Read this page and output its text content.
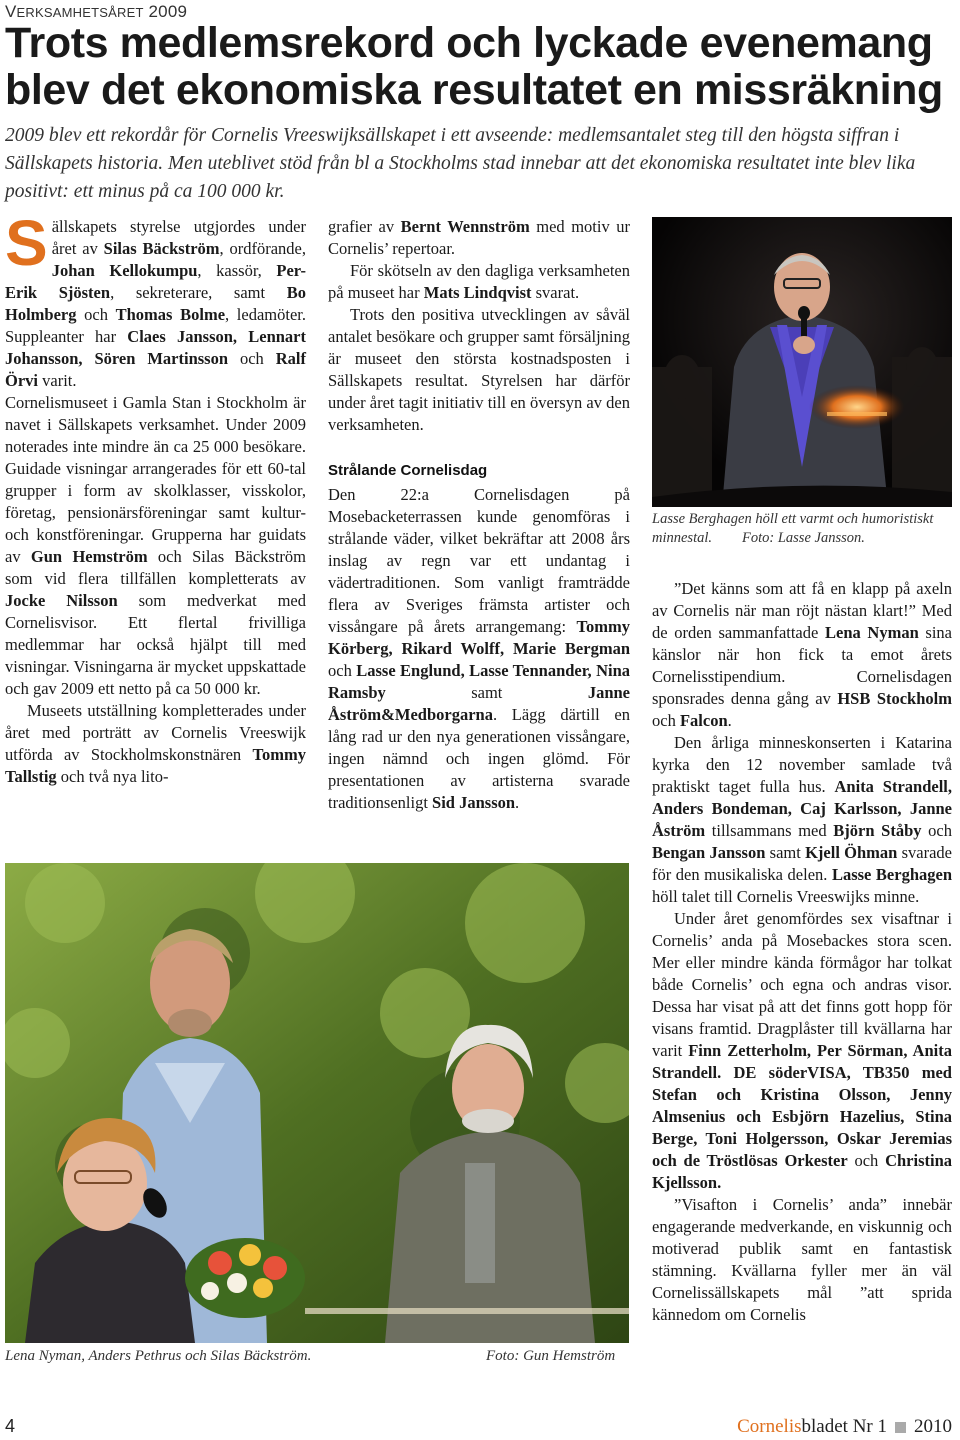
VERKSAMHETSÅRET 2009
Trots medlemsrekord och lyckade evenemang blev det ekonomiska resultatet en missräkning

2009 blev ett rekordår för Cornelis Vreeswijksällskapet i ett avseende: medlemsantalet steg till den högsta siffran i Sällskapets historia. Men uteblivet stöd från bl a Stockholms stad innebar att det ekonomiska resultatet inte blev lika positivt: ett minus på ca 100 000 kr.

Sällskapets styrelse utgjordes under året av Silas Bäckström, ordförande, Johan Kellokumpu, kassör, Per-Erik Sjösten, sekreterare, samt Bo Holmberg och Thomas Bolme, ledamöter. Suppleanter har Claes Jansson, Lennart Johansson, Sören Martinsson och Ralf Örvi varit.

Cornelismuseet i Gamla Stan i Stockholm är navet i Sällskapets verksamhet. Under 2009 noterades inte mindre än ca 25 000 besökare. Guidade visningar arrangerades för ett 60-tal grupper i form av skolklasser, visskolor, företag, pensionärsföreningar samt kultur- och konstföreningar. Grupperna har guidats av Gun Hemström och Silas Bäckström som vid flera tillfällen kompletterats av Jocke Nilsson som medverkat med Cornelisvisor. Ett flertal frivilliga medlemmar har också hjälpt till med visningar. Visningarna är mycket uppskattade och gav 2009 ett netto på ca 50 000 kr.

Museets utställning kompletterades under året med porträtt av Cornelis Vreeswijk utförda av Stockholmskonstnären Tommy Tallstig och två nya lito-

grafier av Bernt Wennström med motiv ur Cornelis’ repertoar.

För skötseln av den dagliga verksamheten på museet har Mats Lindqvist svarat.

Trots den positiva utvecklingen av såväl antalet besökare och grupper samt försäljning är museet den största kostnadsposten i Sällskapets resultat. Styrelsen har därför under året tagit initiativ till en översyn av den verksamheten.

Strålande Cornelisdag

Den 22:a Cornelisdagen på Mosebacketerrassen kunde genomföras i strålande väder, vilket bekräftar att 2008 års inslag av regn var ett undantag i vädertraditionen. Som vanligt framträdde flera av Sveriges främsta artister och vissångare på årets arrangemang: Tommy Körberg, Rikard Wolff, Marie Bergman och Lasse Englund, Lasse Tennander, Nina Ramsby samt Janne Åström&Medborgarna. Lägg därtill en lång rad ur den nya generationen vissångare, ingen nämnd och ingen glömd. För presentationen av artisterna svarade traditionsenligt Sid Jansson.

Lasse Berghagen höll ett varmt och humoristiskt minnestal. Foto: Lasse Jansson.

”Det känns som att få en klapp på axeln av Cornelis när man röjt nästan klart!” Med de orden sammanfattade Lena Nyman sina känslor när hon fick ta emot årets Cornelisstipendium. Cornelisdagen sponsrades denna gång av HSB Stockholm och Falcon.

Den årliga minneskonserten i Katarina kyrka den 12 november samlade två praktiskt taget fulla hus. Anita Strandell, Anders Bondeman, Caj Karlsson, Janne Åström tillsammans med Björn Ståby och Bengan Jansson samt Kjell Öhman svarade för den musikaliska delen. Lasse Berghagen höll talet till Cornelis Vreeswijks minne.

Under året genomfördes sex visaftnar i Cornelis’ anda på Mosebackes stora scen. Mer eller mindre kända förmågor har tolkat både Cornelis’ och egna och andras visor. Dessa har visat på att det finns gott hopp för visans framtid. Dragplåster till kvällarna har varit Finn Zetterholm, Per Sörman, Anita Strandell. DE söderVISA, TB350 med Stefan och Kristina Olsson, Jenny Almsenius och Esbjörn Hazelius, Stina Berge, Toni Holgersson, Oskar Jeremias och de Tröstlösas Orkester och Christina Kjellsson.

”Visafton i Cornelis’ anda” innebär engagerande medverkande, en viskunnig och motiverad publik samt en fantastisk stämning. Kvällarna fyller mer än väl Cornelissällskapets mål ”att sprida kännedom om Cornelis

Lena Nyman, Anders Pethrus och Silas Bäckström.	Foto: Gun Hemström
4	Cornelis bladet
Nr 1 2010
